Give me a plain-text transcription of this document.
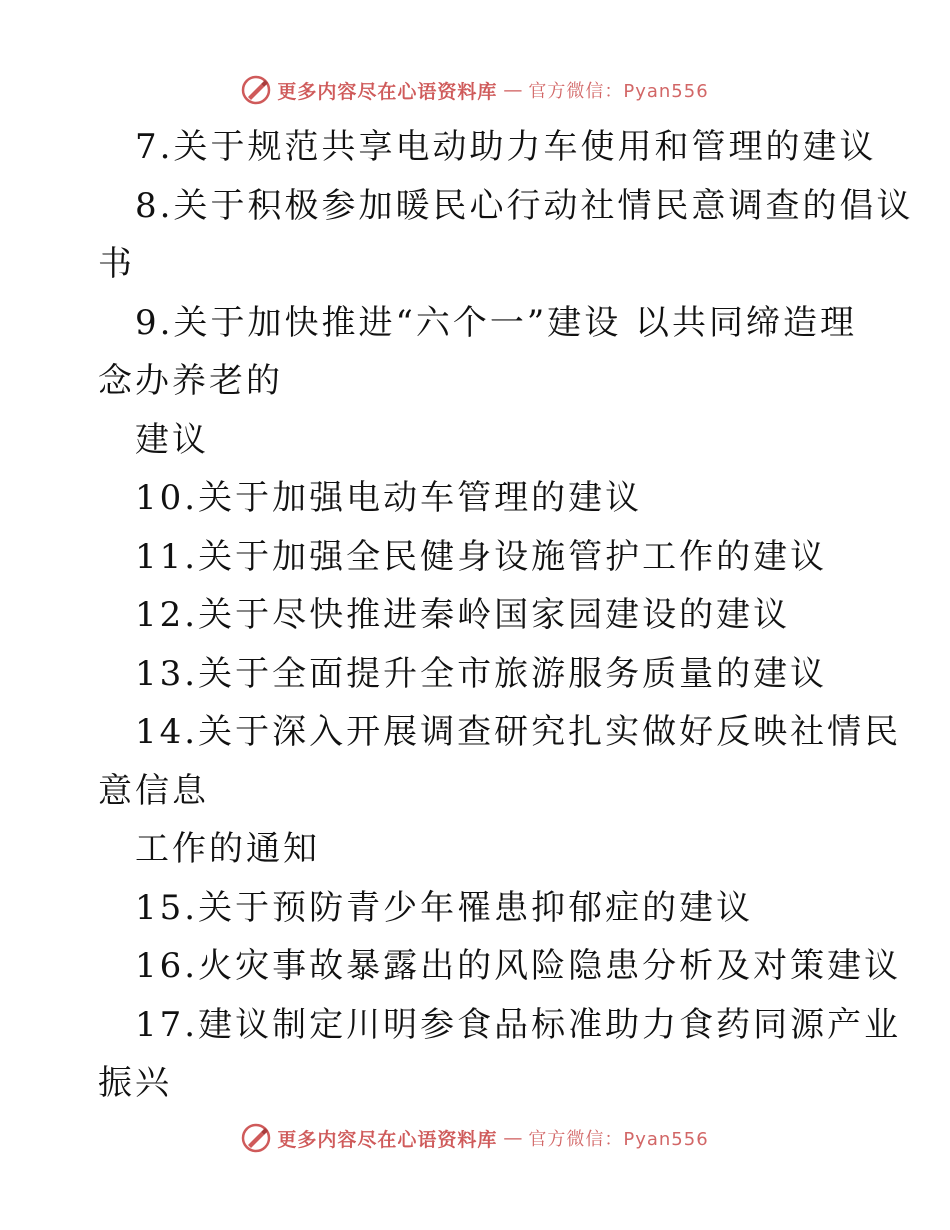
更多内容尽在心语资料库 — 官方微信：Pyan556
7.关于规范共享电动助力车使用和管理的建议
8.关于积极参加暖民心行动社情民意调查的倡议
书
9.关于加快推进“六个一”建设 以共同缔造理
念办养老的
建议
10.关于加强电动车管理的建议
11.关于加强全民健身设施管护工作的建议
12.关于尽快推进秦岭国家园建设的建议
13.关于全面提升全市旅游服务质量的建议
14.关于深入开展调查研究扎实做好反映社情民
意信息
工作的通知
15.关于预防青少年罹患抑郁症的建议
16.火灾事故暴露出的风险隐患分析及对策建议
17.建议制定川明参食品标准助力食药同源产业
振兴
更多内容尽在心语资料库 — 官方微信：Pyan556
